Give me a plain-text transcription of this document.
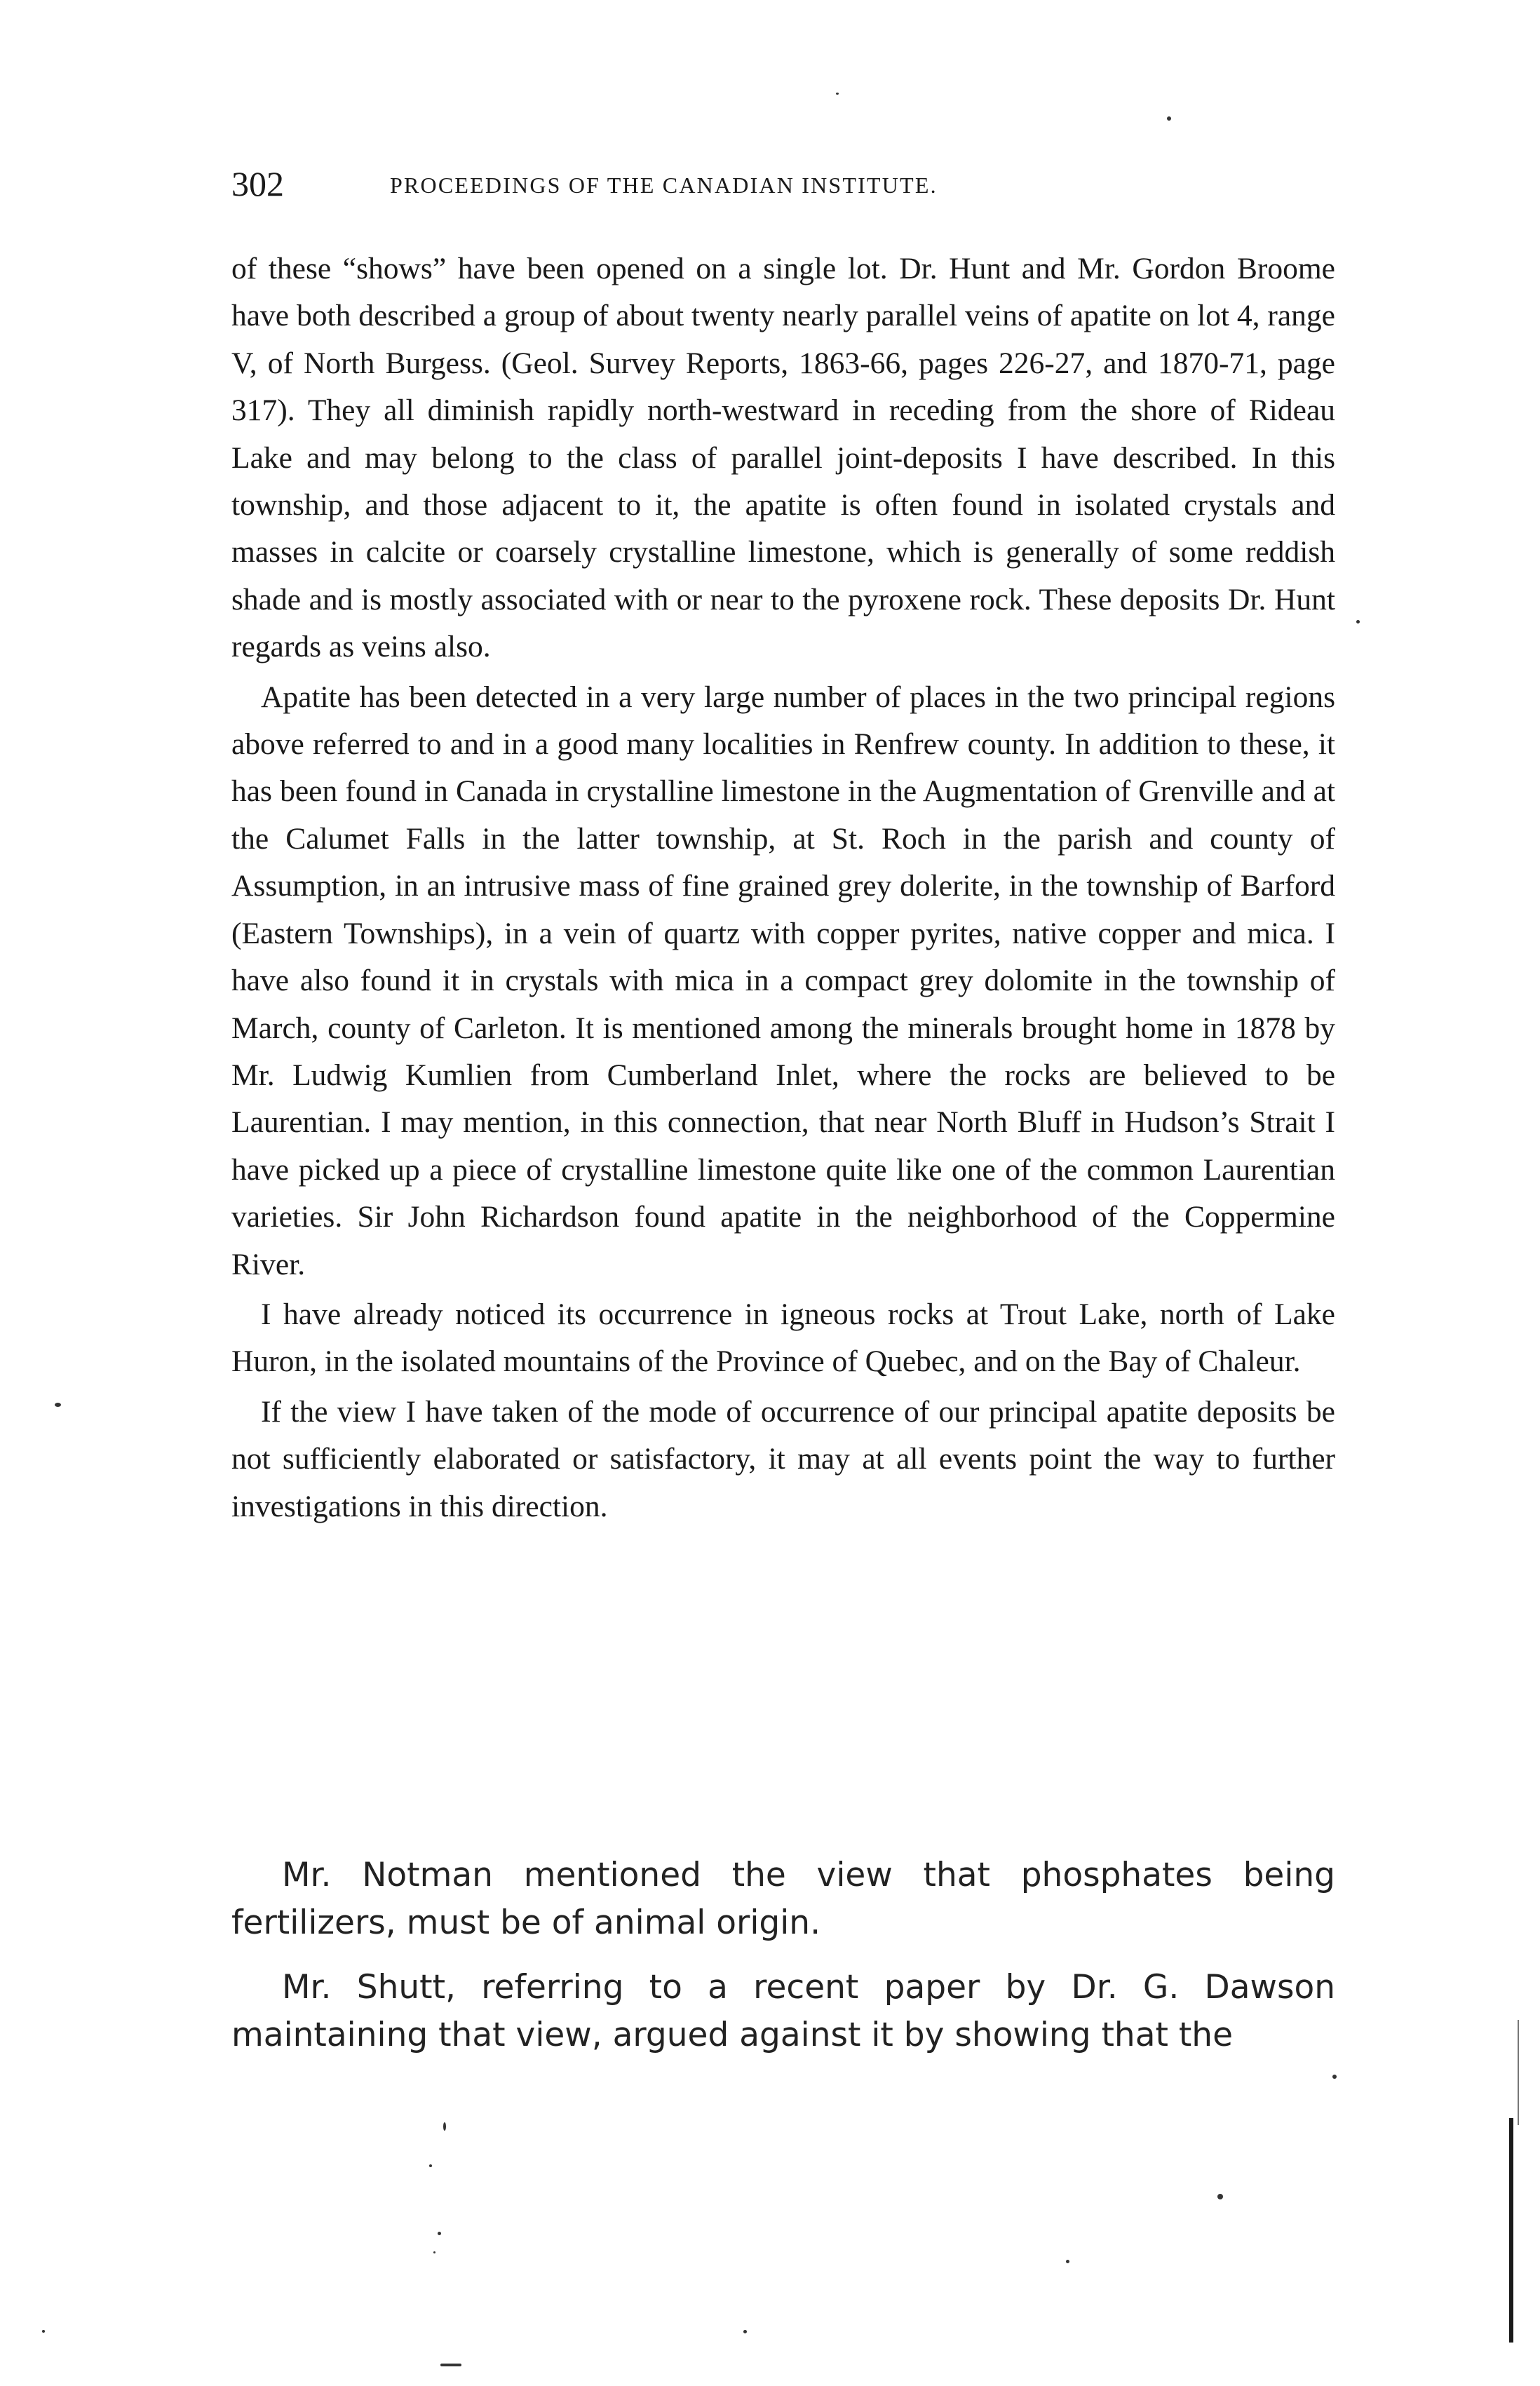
302	PROCEEDINGS OF THE CANADIAN INSTITUTE.

of these “shows” have been opened on a single lot. Dr. Hunt and Mr. Gordon Broome have both described a group of about twenty nearly parallel veins of apatite on lot 4, range V, of North Burgess. (Geol. Survey Reports, 1863-66, pages 226-27, and 1870-71, page 317). They all diminish rapidly north-westward in receding from the shore of Rideau Lake and may belong to the class of parallel joint-deposits I have described. In this township, and those adjacent to it, the apatite is often found in isolated crystals and masses in calcite or coarsely crystalline limestone, which is generally of some reddish shade and is mostly associated with or near to the pyroxene rock. These deposits Dr. Hunt regards as veins also.

Apatite has been detected in a very large number of places in the two principal regions above referred to and in a good many localities in Renfrew county. In addition to these, it has been found in Canada in crystalline limestone in the Augmentation of Grenville and at the Calumet Falls in the latter township, at St. Roch in the parish and county of Assumption, in an intrusive mass of fine grained grey dolerite, in the township of Barford (Eastern Townships), in a vein of quartz with copper pyrites, native copper and mica. I have also found it in crystals with mica in a compact grey dolomite in the township of March, county of Carleton. It is mentioned among the minerals brought home in 1878 by Mr. Ludwig Kumlien from Cumberland Inlet, where the rocks are believed to be Laurentian. I may mention, in this connection, that near North Bluff in Hudson’s Strait I have picked up a piece of crystalline limestone quite like one of the common Laurentian varieties. Sir John Richardson found apatite in the neighborhood of the Coppermine River.

I have already noticed its occurrence in igneous rocks at Trout Lake, north of Lake Huron, in the isolated mountains of the Province of Quebec, and on the Bay of Chaleur.

If the view I have taken of the mode of occurrence of our principal apatite deposits be not sufficiently elaborated or satisfactory, it may at all events point the way to further investigations in this direction.

Mr. Notman mentioned the view that phosphates being fertilizers, must be of animal origin.

Mr. Shutt, referring to a recent paper by Dr. G. Dawson maintaining that view, argued against it by showing that the
